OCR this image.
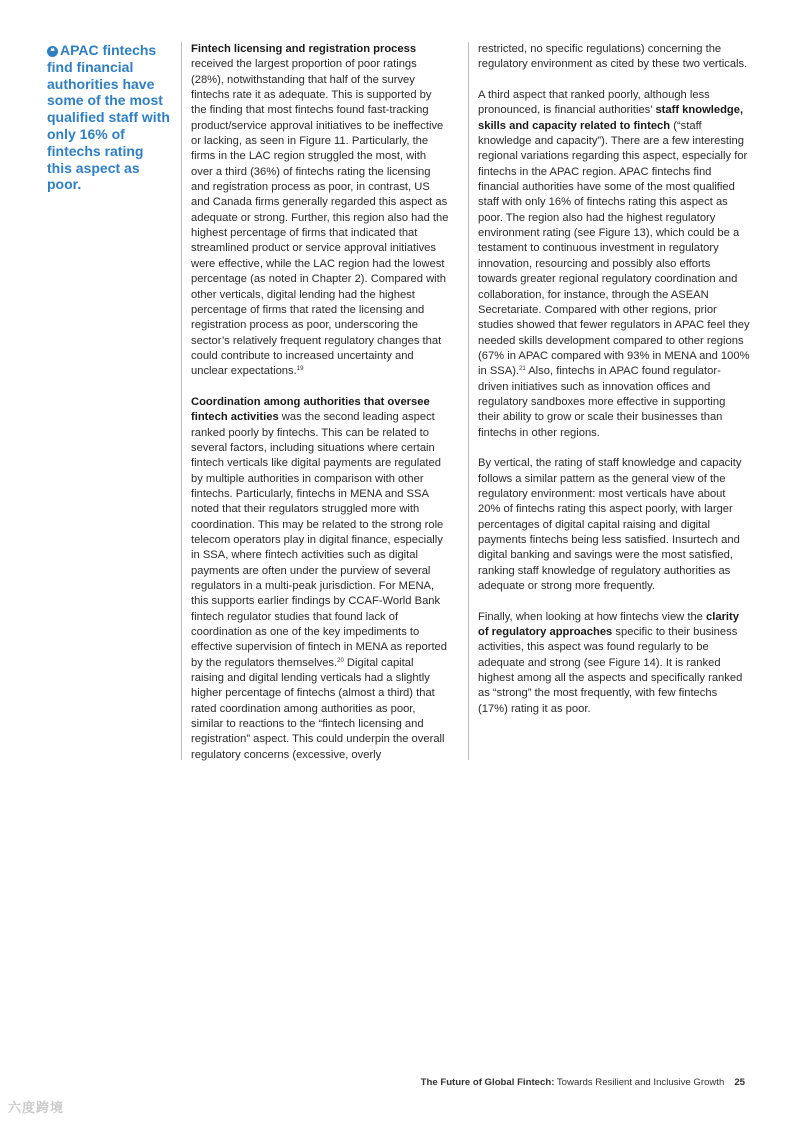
❝ APAC fintechs find financial authorities have some of the most qualified staff with only 16% of fintechs rating this aspect as poor.

Fintech licensing and registration process received the largest proportion of poor ratings (28%), notwithstanding that half of the survey fintechs rate it as adequate. This is supported by the finding that most fintechs found fast-tracking product/service approval initiatives to be ineffective or lacking, as seen in Figure 11. Particularly, the firms in the LAC region struggled the most, with over a third (36%) of fintechs rating the licensing and registration process as poor, in contrast, US and Canada firms generally regarded this aspect as adequate or strong. Further, this region also had the highest percentage of firms that indicated that streamlined product or service approval initiatives were effective, while the LAC region had the lowest percentage (as noted in Chapter 2). Compared with other verticals, digital lending had the highest percentage of firms that rated the licensing and registration process as poor, underscoring the sector’s relatively frequent regulatory changes that could contribute to increased uncertainty and unclear expectations.$^{19}$

Coordination among authorities that oversee fintech activities was the second leading aspect ranked poorly by fintechs. This can be related to several factors, including situations where certain fintech verticals like digital payments are regulated by multiple authorities in comparison with other fintechs. Particularly, fintechs in MENA and SSA noted that their regulators struggled more with coordination. This may be related to the strong role telecom operators play in digital finance, especially in SSA, where fintech activities such as digital payments are often under the purview of several regulators in a multi-peak jurisdiction. For MENA, this supports earlier findings by CCAF-World Bank fintech regulator studies that found lack of coordination as one of the key impediments to effective supervision of fintech in MENA as reported by the regulators themselves.$^{20}$ Digital capital raising and digital lending verticals had a slightly higher percentage of fintechs (almost a third) that rated coordination among authorities as poor, similar to reactions to the “fintech licensing and registration” aspect. This could underpin the overall regulatory concerns (excessive, overly

restricted, no specific regulations) concerning the regulatory environment as cited by these two verticals.

A third aspect that ranked poorly, although less pronounced, is financial authorities’ staff knowledge, skills and capacity related to fintech (“staff knowledge and capacity”). There are a few interesting regional variations regarding this aspect, especially for fintechs in the APAC region. APAC fintechs find financial authorities have some of the most qualified staff with only 16% of fintechs rating this aspect as poor. The region also had the highest regulatory environment rating (see Figure 13), which could be a testament to continuous investment in regulatory innovation, resourcing and possibly also efforts towards greater regional regulatory coordination and collaboration, for instance, through the ASEAN Secretariate. Compared with other regions, prior studies showed that fewer regulators in APAC feel they needed skills development compared to other regions (67% in APAC compared with 93% in MENA and 100% in SSA).$^{21}$ Also, fintechs in APAC found regulator-driven initiatives such as innovation offices and regulatory sandboxes more effective in supporting their ability to grow or scale their businesses than fintechs in other regions.

By vertical, the rating of staff knowledge and capacity follows a similar pattern as the general view of the regulatory environment: most verticals have about 20% of fintechs rating this aspect poorly, with larger percentages of digital capital raising and digital payments fintechs being less satisfied. Insurtech and digital banking and savings were the most satisfied, ranking staff knowledge of regulatory authorities as adequate or strong more frequently.

Finally, when looking at how fintechs view the clarity of regulatory approaches specific to their business activities, this aspect was found regularly to be adequate and strong (see Figure 14). It is ranked highest among all the aspects and specifically ranked as “strong” the most frequently, with few fintechs (17%) rating it as poor.

The Future of Global Fintech: Towards Resilient and Inclusive Growth 25
六度跨境
